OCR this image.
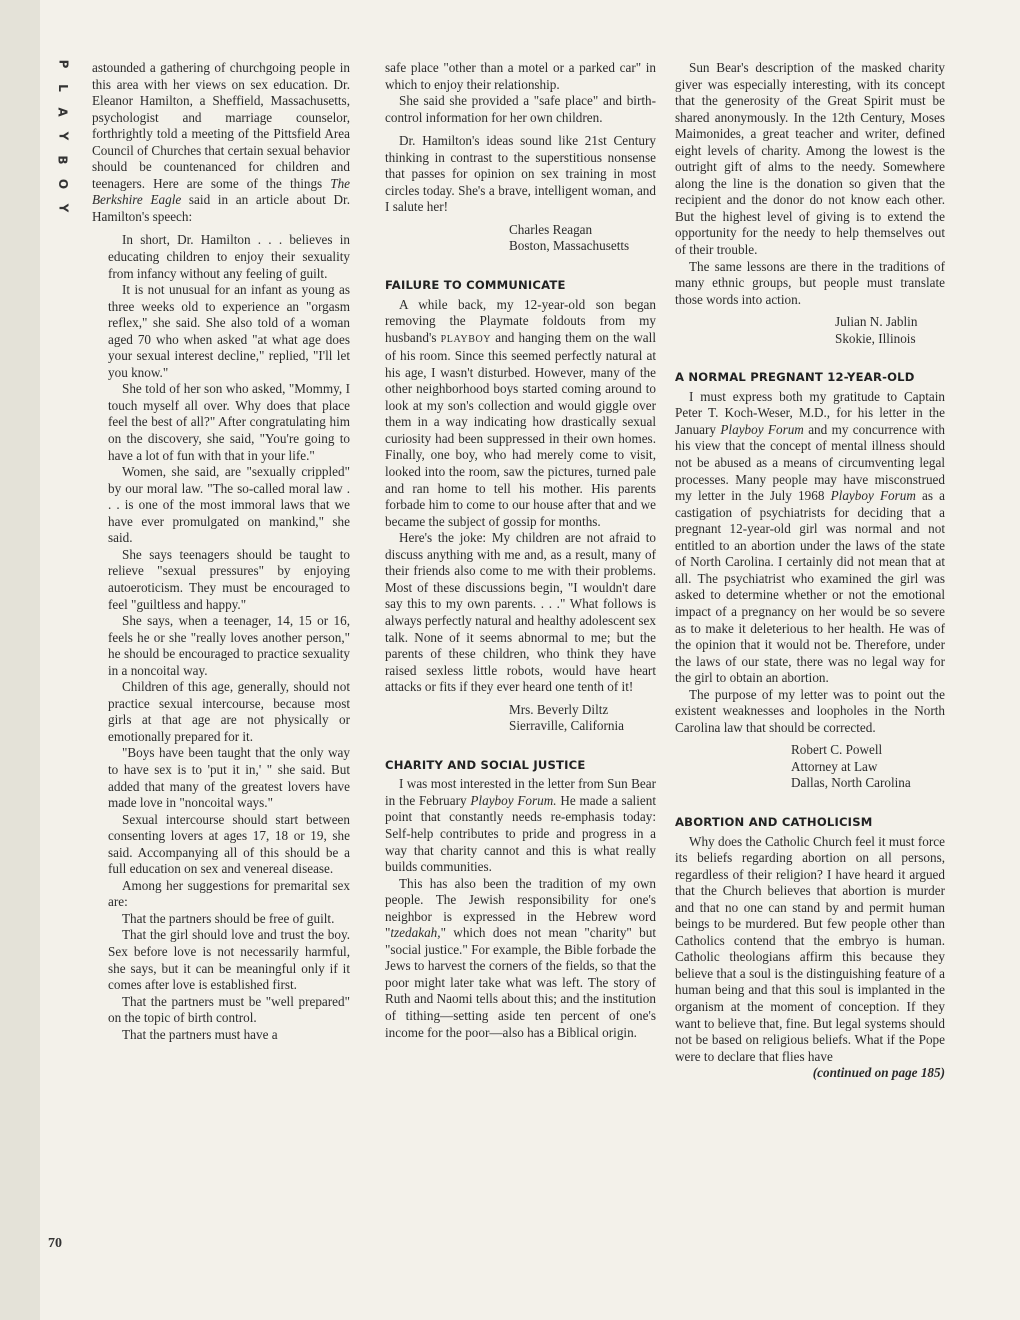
P
L
A
Y
B
O
Y
70

astounded a gathering of churchgoing people in this area with her views on sex education. Dr. Eleanor Hamilton, a Sheffield, Massachusetts, psychologist and marriage counselor, forthrightly told a meeting of the Pittsfield Area Council of Churches that certain sexual behavior should be countenanced for children and teenagers. Here are some of the things The Berkshire Eagle said in an article about Dr. Hamilton's speech:

In short, Dr. Hamilton . . . believes in educating children to enjoy their sexuality from infancy without any feeling of guilt.

It is not unusual for an infant as young as three weeks old to experience an "orgasm reflex," she said. She also told of a woman aged 70 who when asked "at what age does your sexual interest decline," replied, "I'll let you know."

She told of her son who asked, "Mommy, I touch myself all over. Why does that place feel the best of all?" After congratulating him on the discovery, she said, "You're going to have a lot of fun with that in your life."

Women, she said, are "sexually crippled" by our moral law. "The so-called moral law . . . is one of the most immoral laws that we have ever promulgated on mankind," she said.

She says teenagers should be taught to relieve "sexual pressures" by enjoying autoeroticism. They must be encouraged to feel "guiltless and happy."

She says, when a teenager, 14, 15 or 16, feels he or she "really loves another person," he should be encouraged to practice sexuality in a noncoital way.

Children of this age, generally, should not practice sexual intercourse, because most girls at that age are not physically or emotionally prepared for it.

"Boys have been taught that the only way to have sex is to 'put it in,' " she said. But added that many of the greatest lovers have made love in "noncoital ways."

Sexual intercourse should start between consenting lovers at ages 17, 18 or 19, she said. Accompanying all of this should be a full education on sex and venereal disease.

Among her suggestions for premarital sex are:

That the partners should be free of guilt.

That the girl should love and trust the boy. Sex before love is not necessarily harmful, she says, but it can be meaningful only if it comes after love is established first.

That the partners must be "well prepared" on the topic of birth control.

That the partners must have a

safe place "other than a motel or a parked car" in which to enjoy their relationship.

She said she provided a "safe place" and birth-control information for her own children.

Dr. Hamilton's ideas sound like 21st Century thinking in contrast to the superstitious nonsense that passes for opinion on sex training in most circles today. She's a brave, intelligent woman, and I salute her!

Charles Reagan

Boston, Massachusetts

FAILURE TO COMMUNICATE

A while back, my 12-year-old son began removing the Playmate foldouts from my husband's PLAYBOY and hanging them on the wall of his room. Since this seemed perfectly natural at his age, I wasn't disturbed. However, many of the other neighborhood boys started coming around to look at my son's collection and would giggle over them in a way indicating how drastically sexual curiosity had been suppressed in their own homes. Finally, one boy, who had merely come to visit, looked into the room, saw the pictures, turned pale and ran home to tell his mother. His parents forbade him to come to our house after that and we became the subject of gossip for months.

Here's the joke: My children are not afraid to discuss anything with me and, as a result, many of their friends also come to me with their problems. Most of these discussions begin, "I wouldn't dare say this to my own parents. . . ." What follows is always perfectly natural and healthy adolescent sex talk. None of it seems abnormal to me; but the parents of these children, who think they have raised sexless little robots, would have heart attacks or fits if they ever heard one tenth of it!

Mrs. Beverly Diltz

Sierraville, California

CHARITY AND SOCIAL JUSTICE

I was most interested in the letter from Sun Bear in the February Playboy Forum. He made a salient point that constantly needs re-emphasis today: Self-help contributes to pride and progress in a way that charity cannot and this is what really builds communities.

This has also been the tradition of my own people. The Jewish responsibility for one's neighbor is expressed in the Hebrew word "tzedakah," which does not mean "charity" but "social justice." For example, the Bible forbade the Jews to harvest the corners of the fields, so that the poor might later take what was left. The story of Ruth and Naomi tells about this; and the institution of tithing—setting aside ten percent of one's income for the poor—also has a Biblical origin.

Sun Bear's description of the masked charity giver was especially interesting, with its concept that the generosity of the Great Spirit must be shared anonymously. In the 12th Century, Moses Maimonides, a great teacher and writer, defined eight levels of charity. Among the lowest is the outright gift of alms to the needy. Somewhere along the line is the donation so given that the recipient and the donor do not know each other. But the highest level of giving is to extend the opportunity for the needy to help themselves out of their trouble.

The same lessons are there in the traditions of many ethnic groups, but people must translate those words into action.

Julian N. Jablin

Skokie, Illinois

A NORMAL PREGNANT 12-YEAR-OLD

I must express both my gratitude to Captain Peter T. Koch-Weser, M.D., for his letter in the January Playboy Forum and my concurrence with his view that the concept of mental illness should not be abused as a means of circumventing legal processes. Many people may have misconstrued my letter in the July 1968 Playboy Forum as a castigation of psychiatrists for deciding that a pregnant 12-year-old girl was normal and not entitled to an abortion under the laws of the state of North Carolina. I certainly did not mean that at all. The psychiatrist who examined the girl was asked to determine whether or not the emotional impact of a pregnancy on her would be so severe as to make it deleterious to her health. He was of the opinion that it would not be. Therefore, under the laws of our state, there was no legal way for the girl to obtain an abortion.

The purpose of my letter was to point out the existent weaknesses and loopholes in the North Carolina law that should be corrected.

Robert C. Powell

Attorney at Law

Dallas, North Carolina

ABORTION AND CATHOLICISM

Why does the Catholic Church feel it must force its beliefs regarding abortion on all persons, regardless of their religion? I have heard it argued that the Church believes that abortion is murder and that no one can stand by and permit human beings to be murdered. But few people other than Catholics contend that the embryo is human. Catholic theologians affirm this because they believe that a soul is the distinguishing feature of a human being and that this soul is implanted in the organism at the moment of conception. If they want to believe that, fine. But legal systems should not be based on religious beliefs. What if the Pope were to declare that flies have

(continued on page 185)
